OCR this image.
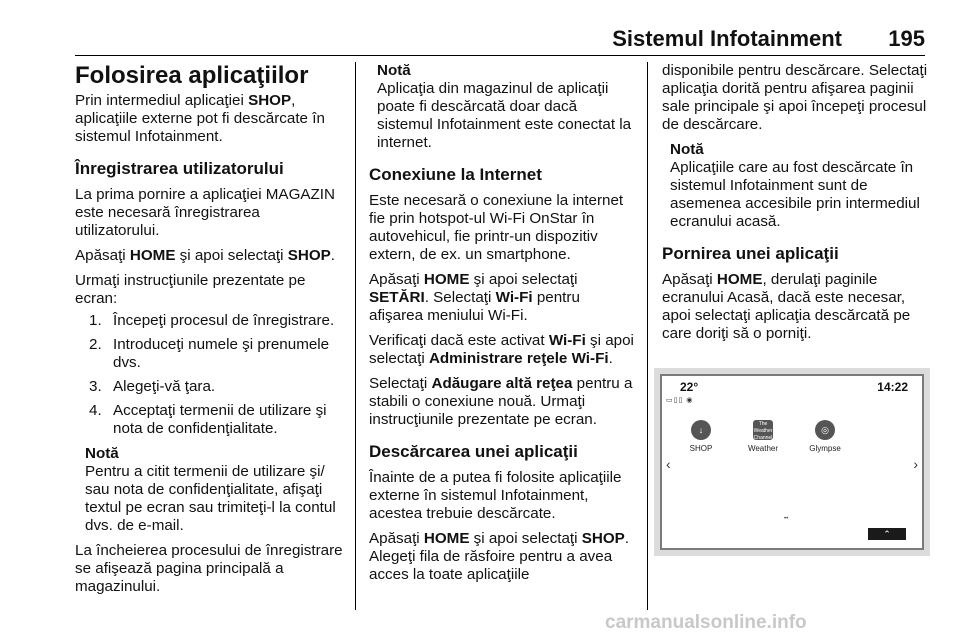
Sistemul Infotainment 195
Folosirea aplicaţiilor

Prin intermediul aplicaţiei SHOP, aplicaţiile externe pot fi descărcate în sistemul Infotainment.

Înregistrarea utilizatorului

La prima pornire a aplicaţiei MAGAZIN este necesară înregistrarea utilizatorului.

Apăsaţi HOME şi apoi selectaţi SHOP.

Urmaţi instrucţiunile prezentate pe ecran:

1. Începeţi procesul de înregistrare.
2. Introduceţi numele şi prenumele dvs.
3. Alegeţi-vă ţara.
4. Acceptaţi termenii de utilizare şi nota de confidenţialitate.
Notă
Pentru a citit termenii de utilizare şi/ sau nota de confidenţialitate, afişaţi textul pe ecran sau trimiteţi-l la contul dvs. de e-mail.

La încheierea procesului de înregistrare se afişează pagina principală a magazinului.

Notă
Aplicaţia din magazinul de aplicaţii poate fi descărcată doar dacă sistemul Infotainment este conectat la internet.
Conexiune la Internet

Este necesară o conexiune la internet fie prin hotspot-ul Wi-Fi OnStar în autovehicul, fie printr-un dispozitiv extern, de ex. un smartphone.

Apăsaţi HOME şi apoi selectaţi SETĂRI. Selectaţi Wi-Fi pentru afişarea meniului Wi-Fi.

Verificaţi dacă este activat Wi-Fi şi apoi selectaţi Administrare reţele Wi-Fi.

Selectaţi Adăugare altă reţea pentru a stabili o conexiune nouă. Urmaţi instrucţiunile prezentate pe ecran.

Descărcarea unei aplicaţii

Înainte de a putea fi folosite aplicaţiile externe în sistemul Infotainment, acestea trebuie descărcate.

Apăsaţi HOME şi apoi selectaţi SHOP. Alegeţi fila de răsfoire pentru a avea acces la toate aplicaţiile

disponibile pentru descărcare. Selectaţi aplicaţia dorită pentru afişarea paginii sale principale şi apoi începeţi procesul de descărcare.

Notă
Aplicaţiile care au fost descărcate în sistemul Infotainment sunt de asemenea accesibile prin intermediul ecranului acasă.
Pornirea unei aplicaţii

Apăsaţi HOME, derulaţi paginile ecranului Acasă, dacă este necesar, apoi selectaţi aplicaţia descărcată pe care doriţi să o porniţi.

22°	14:22
▭▯▯ ◉
↓
SHOP
The Weather Channel
Weather
◎
Glympse
‹	›
••
⌃
carmanualsonline.info
